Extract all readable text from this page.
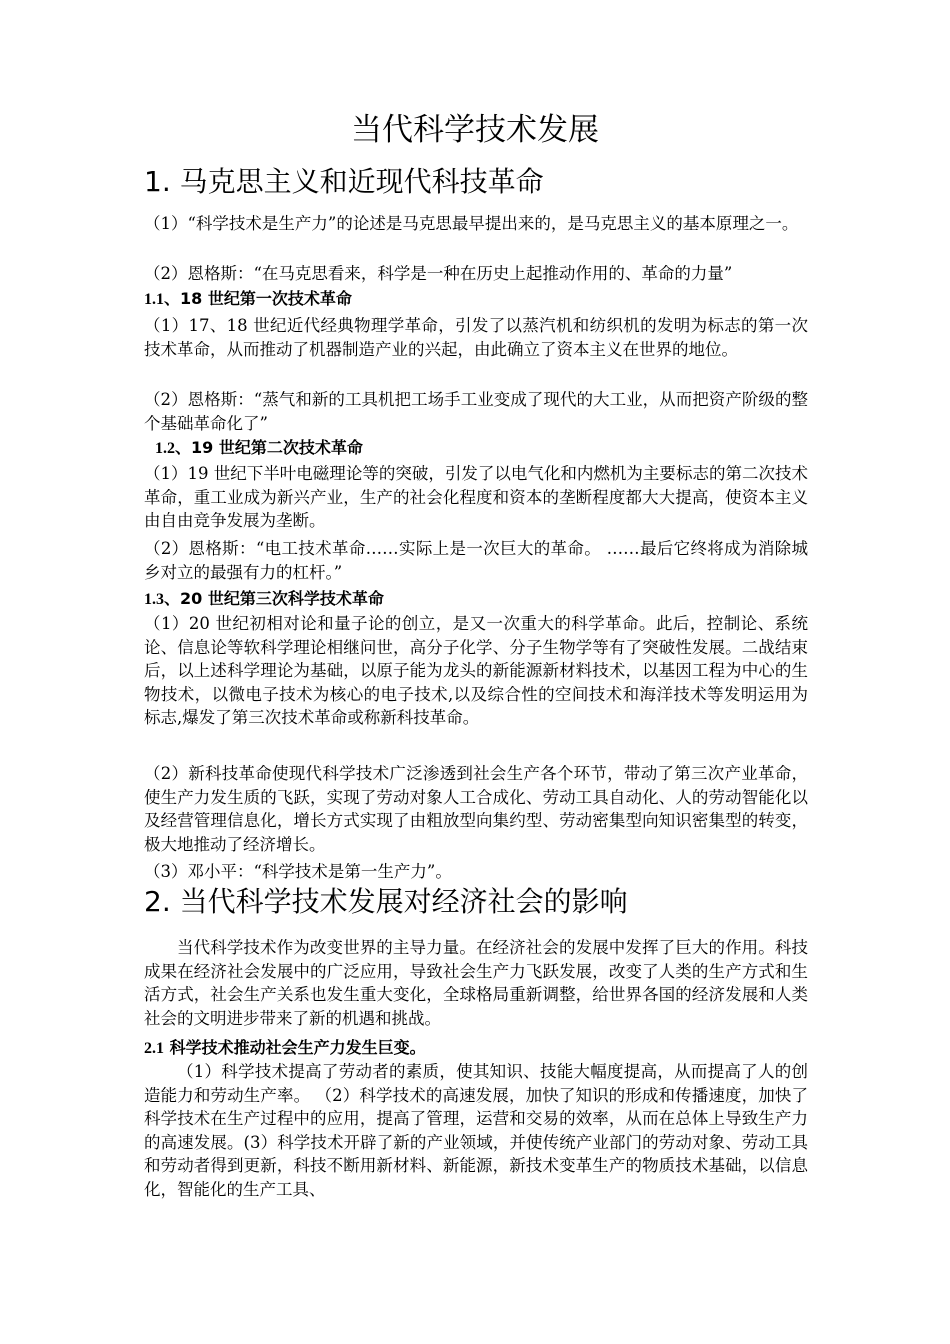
当代科学技术发展
1. 马克思主义和近现代科技革命
（1）“科学技术是生产力”的论述是马克思最早提出来的，是马克思主义的基本原理之一。
（2）恩格斯：“在马克思看来，科学是一种在历史上起推动作用的、革命的力量”
1.1、18 世纪第一次技术革命
（1）17、18 世纪近代经典物理学革命，引发了以蒸汽机和纺织机的发明为标志的第一次技术革命，从而推动了机器制造产业的兴起，由此确立了资本主义在世界的地位。
（2）恩格斯：“蒸气和新的工具机把工场手工业变成了现代的大工业，从而把资产阶级的整个基础革命化了”
1.2、19 世纪第二次技术革命
（1）19 世纪下半叶电磁理论等的突破，引发了以电气化和内燃机为主要标志的第二次技术革命，重工业成为新兴产业，生产的社会化程度和资本的垄断程度都大大提高，使资本主义由自由竞争发展为垄断。
（2）恩格斯：“电工技术革命……实际上是一次巨大的革命。 ……最后它终将成为消除城乡对立的最强有力的杠杆。”
1.3、20 世纪第三次科学技术革命
（1）20 世纪初相对论和量子论的创立，是又一次重大的科学革命。此后，控制论、系统论、信息论等软科学理论相继问世，高分子化学、分子生物学等有了突破性发展。二战结束后，以上述科学理论为基础，以原子能为龙头的新能源新材料技术，以基因工程为中心的生物技术，以微电子技术为核心的电子技术,以及综合性的空间技术和海洋技术等发明运用为标志,爆发了第三次技术革命或称新科技革命。
（2）新科技革命使现代科学技术广泛渗透到社会生产各个环节，带动了第三次产业革命，使生产力发生质的飞跃，实现了劳动对象人工合成化、劳动工具自动化、人的劳动智能化以及经营管理信息化，增长方式实现了由粗放型向集约型、劳动密集型向知识密集型的转变，极大地推动了经济增长。
（3）邓小平：“科学技术是第一生产力”。
2. 当代科学技术发展对经济社会的影响
当代科学技术作为改变世界的主导力量。在经济社会的发展中发挥了巨大的作用。科技成果在经济社会发展中的广泛应用，导致社会生产力飞跃发展，改变了人类的生产方式和生活方式，社会生产关系也发生重大变化，全球格局重新调整，给世界各国的经济发展和人类社会的文明进步带来了新的机遇和挑战。
2.1 科学技术推动社会生产力发生巨变。
（1）科学技术提高了劳动者的素质，使其知识、技能大幅度提高，从而提高了人的创造能力和劳动生产率。 （2）科学技术的高速发展，加快了知识的形成和传播速度，加快了科学技术在生产过程中的应用，提高了管理，运营和交易的效率，从而在总体上导致生产力的高速发展。(3）科学技术开辟了新的产业领域，并使传统产业部门的劳动对象、劳动工具和劳动者得到更新，科技不断用新材料、新能源，新技术变革生产的物质技术基础，以信息化，智能化的生产工具、
